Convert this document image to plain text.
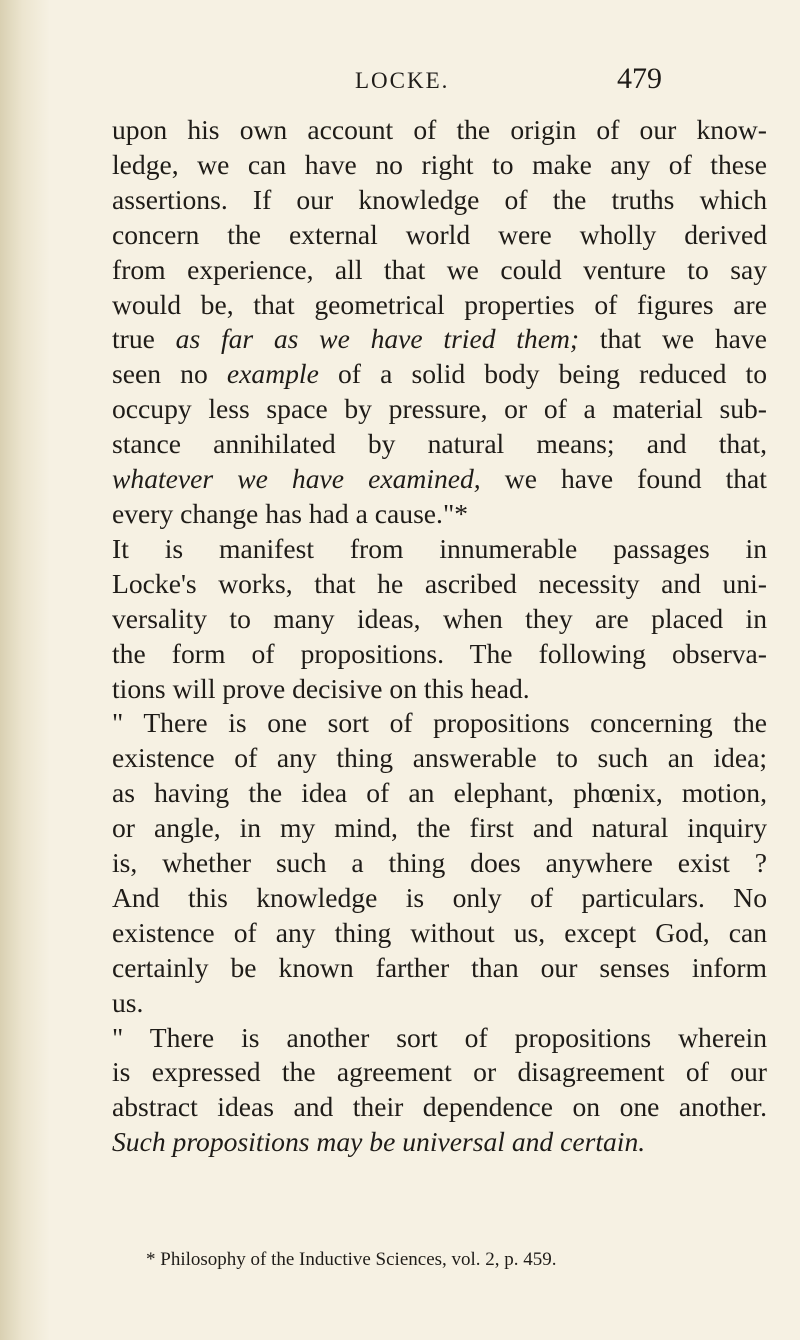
LOCKE.	479
upon his own account of the origin of our know-
ledge, we can have no right to make any of these
assertions. If our knowledge of the truths which
concern the external world were wholly derived
from experience, all that we could venture to say
would be, that geometrical properties of figures are
true as far as we have tried them; that we have
seen no example of a solid body being reduced to
occupy less space by pressure, or of a material sub-
stance annihilated by natural means; and that,
whatever we have examined, we have found that
every change has had a cause."*
It is manifest from innumerable passages in
Locke's works, that he ascribed necessity and uni-
versality to many ideas, when they are placed in
the form of propositions. The following observa-
tions will prove decisive on this head.
" There is one sort of propositions concerning the
existence of any thing answerable to such an idea;
as having the idea of an elephant, phœnix, motion,
or angle, in my mind, the first and natural inquiry
is, whether such a thing does anywhere exist ?
And this knowledge is only of particulars. No
existence of any thing without us, except God, can
certainly be known farther than our senses inform
us.
" There is another sort of propositions wherein
is expressed the agreement or disagreement of our
abstract ideas and their dependence on one another.
Such propositions may be universal and certain.
* Philosophy of the Inductive Sciences, vol. 2, p. 459.
